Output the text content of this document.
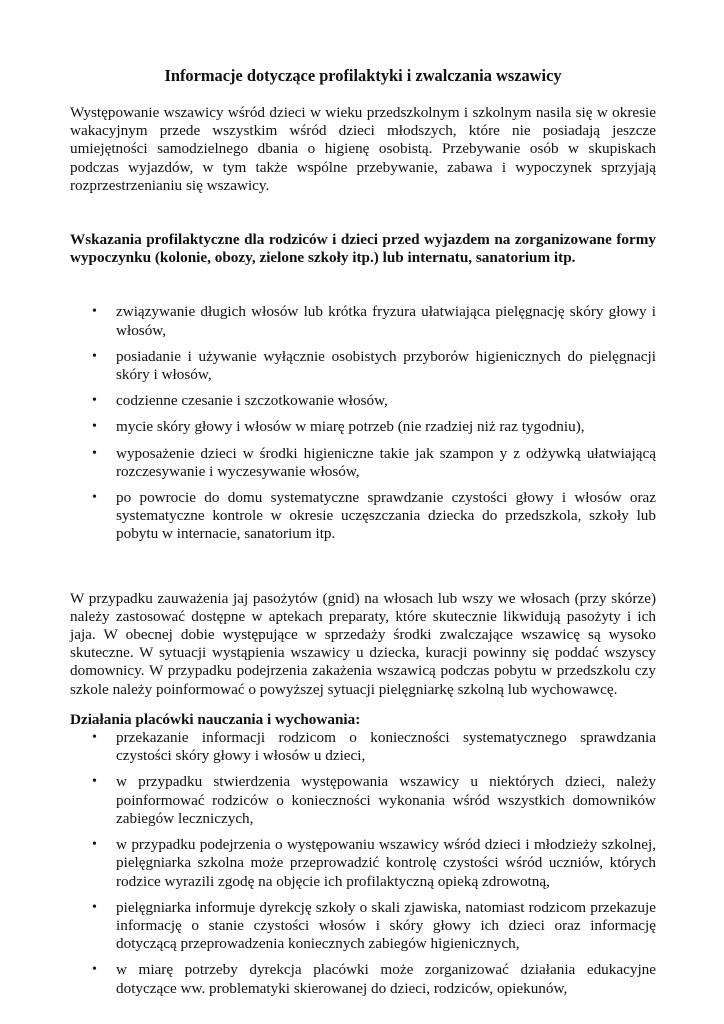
Informacje dotyczące profilaktyki i zwalczania wszawicy

Występowanie wszawicy wśród dzieci w wieku przedszkolnym i szkolnym nasila się w okresie wakacyjnym przede wszystkim wśród dzieci młodszych, które nie posiadają jeszcze umiejętności samodzielnego dbania o higienę osobistą. Przebywanie osób w skupiskach podczas wyjazdów, w tym także wspólne przebywanie, zabawa i wypoczynek sprzyjają rozprzestrzenianiu się wszawicy.

Wskazania profilaktyczne dla rodziców i dzieci przed wyjazdem na zorganizowane formy wypoczynku (kolonie, obozy, zielone szkoły itp.) lub internatu, sanatorium itp.

• związywanie długich włosów lub krótka fryzura ułatwiająca pielęgnację skóry głowy i włosów,
• posiadanie i używanie wyłącznie osobistych przyborów higienicznych do pielęgnacji skóry i włosów,
• codzienne czesanie i szczotkowanie włosów,
• mycie skóry głowy i włosów w miarę potrzeb (nie rzadziej niż raz tygodniu),
• wyposażenie dzieci w środki higieniczne takie jak szampon y z odżywką ułatwiającą rozczesywanie i wyczesywanie włosów,
• po powrocie do domu systematyczne sprawdzanie czystości głowy i włosów oraz systematyczne kontrole w okresie uczęszczania dziecka do przedszkola, szkoły lub pobytu w internacie, sanatorium itp.

W przypadku zauważenia jaj pasożytów (gnid) na włosach lub wszy we włosach (przy skórze) należy zastosować dostępne w aptekach preparaty, które skutecznie likwidują pasożyty i ich jaja. W obecnej dobie występujące w sprzedaży środki zwalczające wszawicę są wysoko skuteczne. W sytuacji wystąpienia wszawicy u dziecka, kuracji powinny się poddać wszyscy domownicy. W przypadku podejrzenia zakażenia wszawicą podczas pobytu w przedszkolu czy szkole należy poinformować o powyższej sytuacji pielęgniarkę szkolną lub wychowawcę.

Działania placówki nauczania i wychowania:

• przekazanie informacji rodzicom o konieczności systematycznego sprawdzania czystości skóry głowy i włosów u dzieci,
• w przypadku stwierdzenia występowania wszawicy u niektórych dzieci, należy poinformować rodziców o konieczności wykonania wśród wszystkich domowników zabiegów leczniczych,
• w przypadku podejrzenia o występowaniu wszawicy wśród dzieci i młodzieży szkolnej, pielęgniarka szkolna może przeprowadzić kontrolę czystości wśród uczniów, których rodzice wyrazili zgodę na objęcie ich profilaktyczną opieką zdrowotną,
• pielęgniarka informuje dyrekcję szkoły o skali zjawiska, natomiast rodzicom przekazuje informację o stanie czystości włosów i skóry głowy ich dzieci oraz informację dotyczącą przeprowadzenia koniecznych zabiegów higienicznych,
• w miarę potrzeby dyrekcja placówki może zorganizować działania edukacyjne dotyczące ww. problematyki skierowanej do dzieci, rodziców, opiekunów,
